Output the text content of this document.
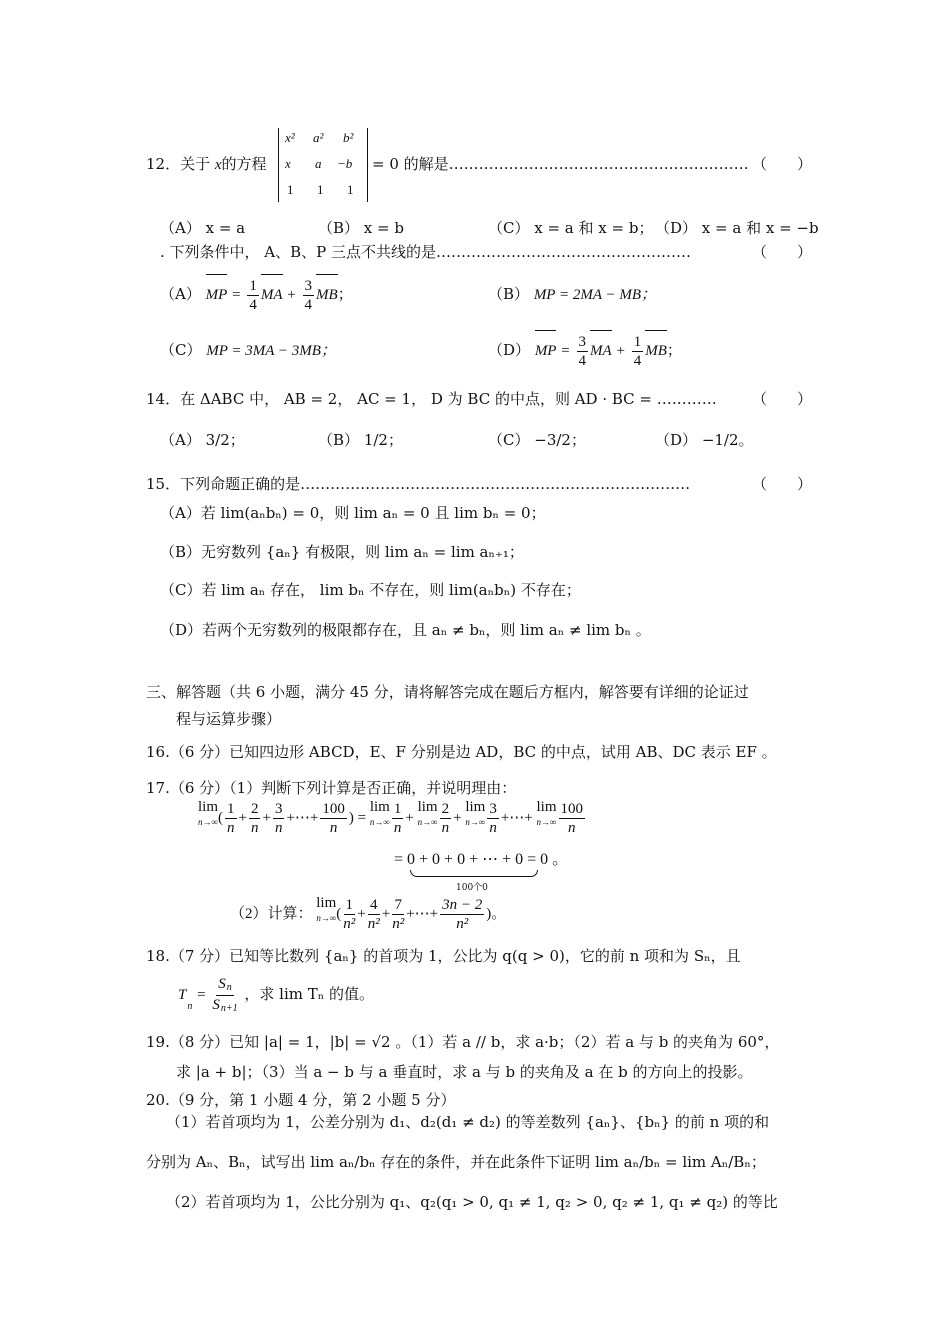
12．关于 x的方程
x² a² b²
x a −b
1 1 1
= 0 的解是…………………………………………………… （　　）
（A） x = a	（B） x = b	（C） x = a 和 x = b； （D） x = a 和 x = −b
. 下列条件中， A、B、P 三点不共线的是……………………………………………	（　　）
（A） MP = $\frac{1}{4}$ MA + $\frac{3}{4}$ MB；	（B） MP = 2MA − MB；
（C） MP = 3MA − 3MB；	（D） MP = $\frac{3}{4}$ MA + $\frac{1}{4}$ MB；
14．在 ΔABC 中， AB = 2， AC = 1， D 为 BC 的中点，则 AD · BC = …………	（　　）
（A） 3/2；	（B） 1/2；	（C） −3/2；	（D） −1/2。
15．下列命题正确的是……………………………………………………………………	（　　）
（A）若 lim(aₙbₙ) = 0，则 lim aₙ = 0 且 lim bₙ = 0；
（B）无穷数列 {aₙ} 有极限，则 lim aₙ = lim aₙ₊₁；
（C）若 lim aₙ 存在， lim bₙ 不存在，则 lim(aₙbₙ) 不存在；
（D）若两个无穷数列的极限都存在，且 aₙ ≠ bₙ，则 lim aₙ ≠ lim bₙ 。
三、解答题（共 6 小题，满分 45 分，请将解答完成在题后方框内，解答要有详细的论证过
程与运算步骤）
16.（6 分）已知四边形 ABCD，E、F 分别是边 AD，BC 的中点，试用 AB、DC 表示 EF 。
17.（6 分）（1）判断下列计算是否正确，并说明理由：
lim
n→∞ ( $\frac{1}{n} + \frac{2}{n} + \frac{3}{n}$ +⋯+ $\frac{100}{n}$ ) =
lim
$n\to\infty \frac{1}{n}$ +
lim
$n\to\infty \frac{2}{n}$ +
lim
$n\to\infty \frac{3}{n}$ +⋯+
lim
$n\to\infty \frac{100}{n}$
= 0 + 0 + 0 + ⋯ + 0 = 0 。
100个0
（2）计算：
lim
n→∞ ( $\frac{1}{\text{n²}} + \frac{4}{\text{n²}} + \frac{7}{\text{n²}}$ +⋯+ $\frac{3n - 2}{\text{n²}}$ )。
18.（7 分）已知等比数列 {aₙ} 的首项为 1，公比为 q(q > 0)，它的前 n 项和为 Sₙ，且
$T_n = \frac{Sn}{Sn+1}$ ，求 lim Tₙ 的值。
19.（8 分）已知 |a| = 1，|b| = √2 。（1）若 a // b，求 a·b；（2）若 a 与 b 的夹角为 60°，
求 |a + b|；（3）当 a − b 与 a 垂直时，求 a 与 b 的夹角及 a 在 b 的方向上的投影。
20.（9 分，第 1 小题 4 分，第 2 小题 5 分）
（1）若首项均为 1，公差分别为 d₁、d₂(d₁ ≠ d₂) 的等差数列 {aₙ}、{bₙ} 的前 n 项的和
分别为 Aₙ、Bₙ，试写出 lim aₙ/bₙ 存在的条件，并在此条件下证明 lim aₙ/bₙ = lim Aₙ/Bₙ；
（2）若首项均为 1，公比分别为 q₁、q₂(q₁ > 0, q₁ ≠ 1, q₂ > 0, q₂ ≠ 1, q₁ ≠ q₂) 的等比
